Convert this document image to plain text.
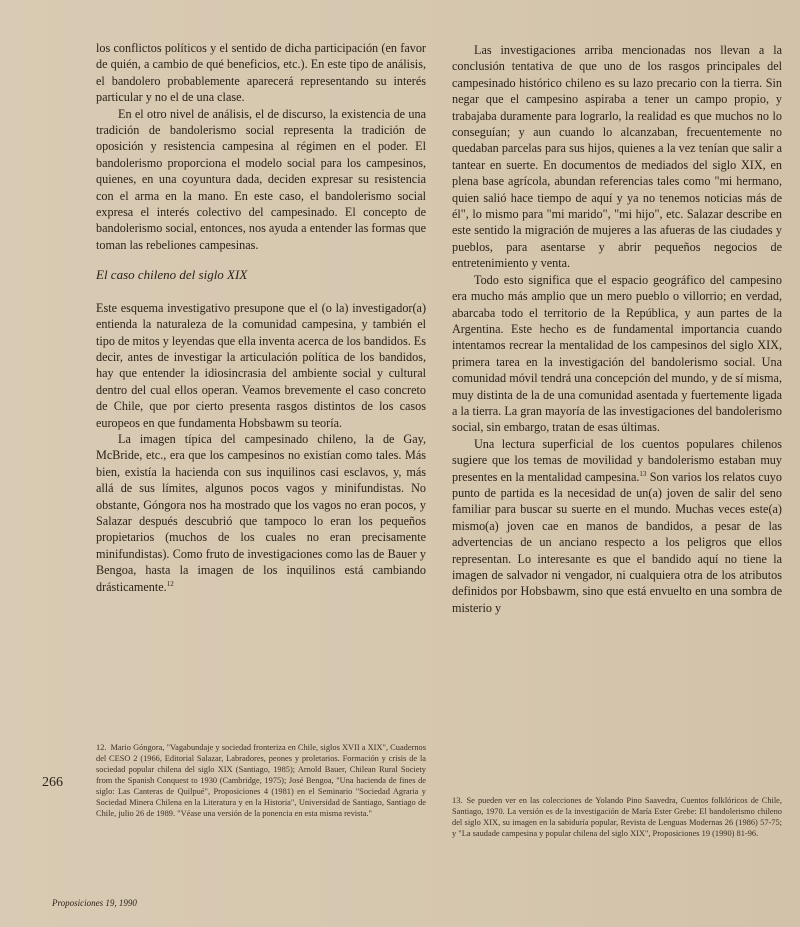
los conflictos políticos y el sentido de dicha participación (en favor de quién, a cambio de qué beneficios, etc.). En este tipo de análisis, el bandolero probablemente aparecerá representando su interés particular y no el de una clase.

En el otro nivel de análisis, el de discurso, la existencia de una tradición de bandolerismo social representa la tradición de oposición y resistencia campesina al régimen en el poder. El bandolerismo proporciona el modelo social para los campesinos, quienes, en una coyuntura dada, deciden expresar su resistencia con el arma en la mano. En este caso, el bandolerismo social expresa el interés colectivo del campesinado. El concepto de bandolerismo social, entonces, nos ayuda a entender las formas que toman las rebeliones campesinas.

El caso chileno del siglo XIX

Este esquema investigativo presupone que el (o la) investigador(a) entienda la naturaleza de la comunidad campesina, y también el tipo de mitos y leyendas que ella inventa acerca de los bandidos. Es decir, antes de investigar la articulación política de los bandidos, hay que entender la idiosincrasia del ambiente social y cultural dentro del cual ellos operan. Veamos brevemente el caso concreto de Chile, que por cierto presenta rasgos distintos de los casos europeos en que fundamenta Hobsbawm su teoría.

La imagen típica del campesinado chileno, la de Gay, McBride, etc., era que los campesinos no existían como tales. Más bien, existía la hacienda con sus inquilinos casi esclavos, y, más allá de sus límites, algunos pocos vagos y minifundistas. No obstante, Góngora nos ha mostrado que los vagos no eran pocos, y Salazar después descubrió que tampoco lo eran los pequeños propietarios (muchos de los cuales no eran precisamente minifundistas). Como fruto de investigaciones como las de Bauer y Bengoa, hasta la imagen de los inquilinos está cambiando drásticamente.$^{12}$

Las investigaciones arriba mencionadas nos llevan a la conclusión tentativa de que uno de los rasgos principales del campesinado histórico chileno es su lazo precario con la tierra. Sin negar que el campesino aspiraba a tener un campo propio, y trabajaba duramente para lograrlo, la realidad es que muchos no lo conseguían; y aun cuando lo alcanzaban, frecuentemente no quedaban parcelas para sus hijos, quienes a la vez tenían que salir a tantear en suerte. En documentos de mediados del siglo XIX, en plena base agrícola, abundan referencias tales como "mi hermano, quien salió hace tiempo de aquí y ya no tenemos noticias más de él", lo mismo para "mi marido", "mi hijo", etc. Salazar describe en este sentido la migración de mujeres a las afueras de las ciudades y pueblos, para asentarse y abrir pequeños negocios de entretenimiento y venta.

Todo esto significa que el espacio geográfico del campesino era mucho más amplio que un mero pueblo o villorrio; en verdad, abarcaba todo el territorio de la República, y aun partes de la Argentina. Este hecho es de fundamental importancia cuando intentamos recrear la mentalidad de los campesinos del siglo XIX, primera tarea en la investigación del bandolerismo social. Una comunidad móvil tendrá una concepción del mundo, y de sí misma, muy distinta de la de una comunidad asentada y fuertemente ligada a la tierra. La gran mayoría de las investigaciones del bandolerismo social, sin embargo, tratan de esas últimas.

Una lectura superficial de los cuentos populares chilenos sugiere que los temas de movilidad y bandolerismo estaban muy presentes en la mentalidad campesina.$^{13}$ Son varios los relatos cuyo punto de partida es la necesidad de un(a) joven de salir del seno familiar para buscar su suerte en el mundo. Muchas veces este(a) mismo(a) joven cae en manos de bandidos, a pesar de las advertencias de un anciano respecto a los peligros que ellos representan. Lo interesante es que el bandido aquí no tiene la imagen de salvador ni vengador, ni cualquiera otra de los atributos definidos por Hobsbawm, sino que está envuelto en una sombra de misterio y

266
12. Mario Góngora, "Vagabundaje y sociedad fronteriza en Chile, siglos XVII a XIX", Cuadernos del CESO 2 (1966, Editorial Salazar, Labradores, peones y proletarios. Formación y crisis de la sociedad popular chilena del siglo XIX (Santiago, 1985); Arnold Bauer, Chilean Rural Society from the Spanish Conquest to 1930 (Cambridge, 1975); José Bengoa, "Una hacienda de fines de siglo: Las Canteras de Quilpué", Proposiciones 4 (1981) en el Seminario "Sociedad Agraria y Sociedad Minera Chilena en la Literatura y en la Historia", Universidad de Santiago, Santiago de Chile, julio 26 de 1989. "Véase una versión de la ponencia en esta misma revista."
13. Se pueden ver en las colecciones de Yolando Pino Saavedra, Cuentos folklóricos de Chile, Santiago, 1970. La versión es de la investigación de María Ester Grebe: El bandolerismo chileno del siglo XIX, su imagen en la sabiduría popular, Revista de Lenguas Modernas 26 (1986) 57-75; y "La saudade campesina y popular chilena del siglo XIX", Proposiciones 19 (1990) 81-96.
Proposiciones 19, 1990
